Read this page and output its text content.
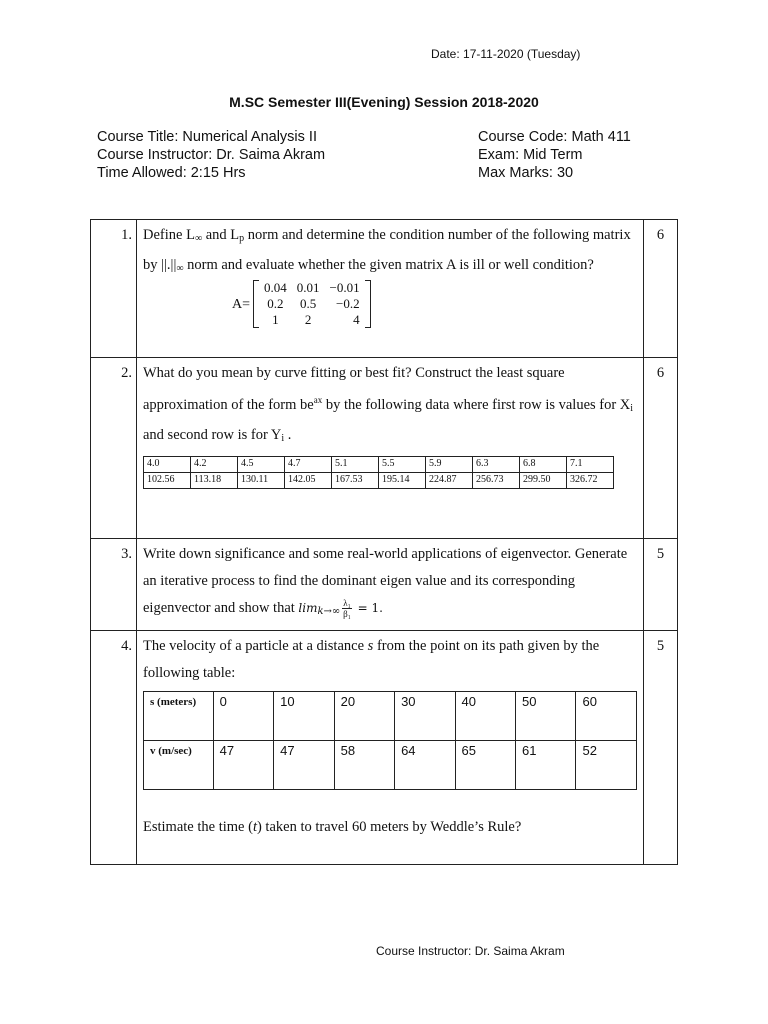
Date: 17-11-2020 (Tuesday)
M.SC Semester III(Evening) Session 2018-2020
Course Title: Numerical Analysis II
Course Instructor: Dr. Saima Akram
Time Allowed: 2:15 Hrs
Course Code: Math 411
Exam: Mid Term
Max Marks: 30
1.	Define $L_\infty$ and $L_p$ norm and determine the condition number of the following matrix by $||.||_\infty$ norm and evaluate whether the given matrix A is ill or well condition?
A=
0.04	0.01	−0.01
0.2	0.5	−0.2
1	2	4
	6
2.	What do you mean by curve fitting or best fit? Construct the least square approximation of the form $be^{ax}$ by the following data where first row is values for $X_i$ and second row is for $Y_i$ .
4.0	4.2	4.5	4.7	5.1	5.5	5.9	6.3	6.8	7.1
102.56	113.18	130.11	142.05	167.53	195.14	224.87	256.73	299.50	326.72
	6
3.	Write down significance and some real-world applications of eigenvector. Generate an iterative process to find the dominant eigen value and its corresponding eigenvector and show that $\lim_{k\to\infty} \frac{\text{λ₁}}{\text{β₁}} = 1$.	5
4.	The velocity of a particle at a distance s from the point on its path given by the following table:
s (meters)	0	10	20	30	40	50	60
v (m/sec)	47	47	58	64	65	61	52
Estimate the time (t) taken to travel 60 meters by Weddle’s Rule?
	5
Course Instructor: Dr. Saima Akram
